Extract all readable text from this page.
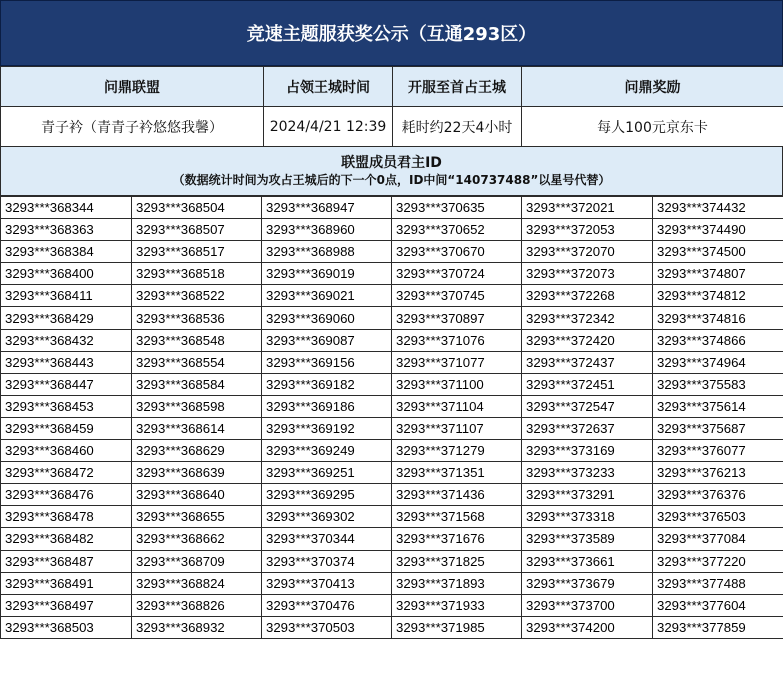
竞速主题服获奖公示（互通293区）
问鼎联盟	占领王城时间	开服至首占王城	问鼎奖励
青子衿（青青子衿悠悠我馨）	2024/4/21 12:39	耗时约22天4小时	每人100元京东卡
联盟成员君主ID
（数据统计时间为攻占王城后的下一个0点，ID中间“140737488”以星号代替）
3293***368344	3293***368504	3293***368947	3293***370635	3293***372021	3293***374432
3293***368363	3293***368507	3293***368960	3293***370652	3293***372053	3293***374490
3293***368384	3293***368517	3293***368988	3293***370670	3293***372070	3293***374500
3293***368400	3293***368518	3293***369019	3293***370724	3293***372073	3293***374807
3293***368411	3293***368522	3293***369021	3293***370745	3293***372268	3293***374812
3293***368429	3293***368536	3293***369060	3293***370897	3293***372342	3293***374816
3293***368432	3293***368548	3293***369087	3293***371076	3293***372420	3293***374866
3293***368443	3293***368554	3293***369156	3293***371077	3293***372437	3293***374964
3293***368447	3293***368584	3293***369182	3293***371100	3293***372451	3293***375583
3293***368453	3293***368598	3293***369186	3293***371104	3293***372547	3293***375614
3293***368459	3293***368614	3293***369192	3293***371107	3293***372637	3293***375687
3293***368460	3293***368629	3293***369249	3293***371279	3293***373169	3293***376077
3293***368472	3293***368639	3293***369251	3293***371351	3293***373233	3293***376213
3293***368476	3293***368640	3293***369295	3293***371436	3293***373291	3293***376376
3293***368478	3293***368655	3293***369302	3293***371568	3293***373318	3293***376503
3293***368482	3293***368662	3293***370344	3293***371676	3293***373589	3293***377084
3293***368487	3293***368709	3293***370374	3293***371825	3293***373661	3293***377220
3293***368491	3293***368824	3293***370413	3293***371893	3293***373679	3293***377488
3293***368497	3293***368826	3293***370476	3293***371933	3293***373700	3293***377604
3293***368503	3293***368932	3293***370503	3293***371985	3293***374200	3293***377859
